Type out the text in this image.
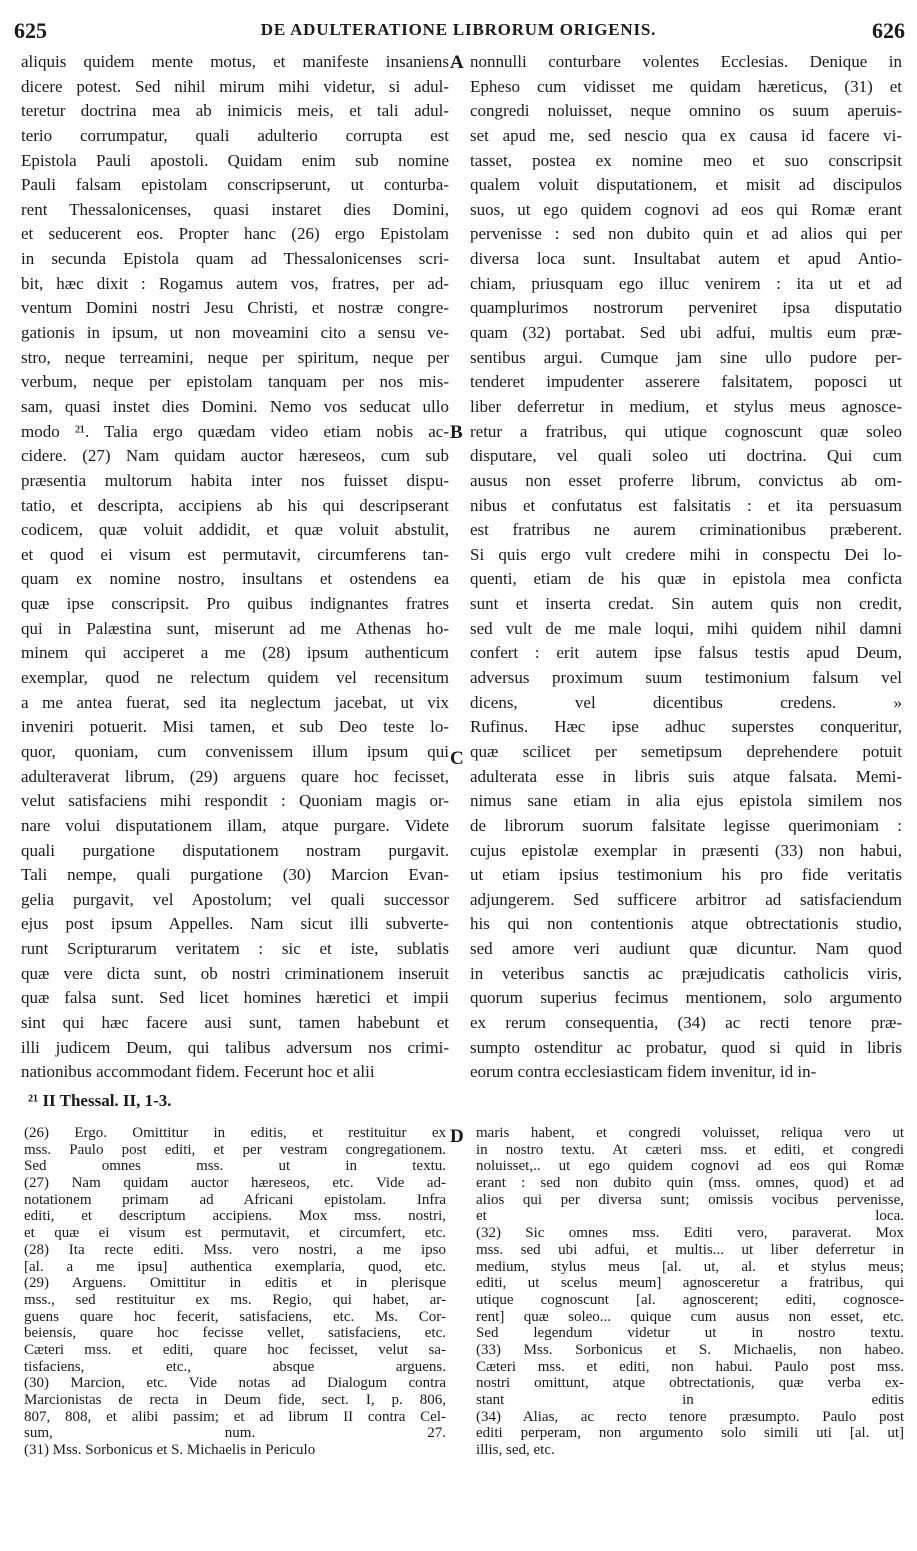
625	DE ADULTERATIONE LIBRORUM ORIGENIS.	626
aliquis quidem mente motus, et manifeste insaniens
dicere potest. Sed nihil mirum mihi videtur, si adul-
teretur doctrina mea ab inimicis meis, et tali adul-
terio corrumpatur, quali adulterio corrupta est
Epistola Pauli apostoli. Quidam enim sub nomine
Pauli falsam epistolam conscripserunt, ut conturba-
rent Thessalonicenses, quasi instaret dies Domini,
et seducerent eos. Propter hanc (26) ergo Epistolam
in secunda Epistola quam ad Thessalonicenses scri-
bit, hæc dixit : Rogamus autem vos, fratres, per ad-
ventum Domini nostri Jesu Christi, et nostræ congre-
gationis in ipsum, ut non moveamini cito a sensu ve-
stro, neque terreamini, neque per spiritum, neque per
verbum, neque per epistolam tanquam per nos mis-
sam, quasi instet dies Domini. Nemo vos seducat ullo
modo ²¹. Talia ergo quædam video etiam nobis ac-
cidere. (27) Nam quidam auctor hæreseos, cum sub
præsentia multorum habita inter nos fuisset dispu-
tatio, et descripta, accipiens ab his qui descripserant
codicem, quæ voluit addidit, et quæ voluit abstulit,
et quod ei visum est permutavit, circumferens tan-
quam ex nomine nostro, insultans et ostendens ea
quæ ipse conscripsit. Pro quibus indignantes fratres
qui in Palæstina sunt, miserunt ad me Athenas ho-
minem qui acciperet a me (28) ipsum authenticum
exemplar, quod ne relectum quidem vel recensitum
a me antea fuerat, sed ita neglectum jacebat, ut vix
inveniri potuerit. Misi tamen, et sub Deo teste lo-
quor, quoniam, cum convenissem illum ipsum qui
adulteraverat librum, (29) arguens quare hoc fecisset,
velut satisfaciens mihi respondit : Quoniam magis or-
nare volui disputationem illam, atque purgare. Videte
quali purgatione disputationem nostram purgavit.
Tali nempe, quali purgatione (30) Marcion Evan-
gelia purgavit, vel Apostolum; vel quali successor
ejus post ipsum Appelles. Nam sicut illi subverte-
runt Scripturarum veritatem : sic et iste, sublatis
quæ vere dicta sunt, ob nostri criminationem inseruit
quæ falsa sunt. Sed licet homines hæretici et impii
sint qui hæc facere ausi sunt, tamen habebunt et
illi judicem Deum, qui talibus adversum nos crimi-
nationibus accommodant fidem. Fecerunt hoc et alii
nonnulli conturbare volentes Ecclesias. Denique in
Epheso cum vidisset me quidam hæreticus, (31) et
congredi noluisset, neque omnino os suum aperuis-
set apud me, sed nescio qua ex causa id facere vi-
tasset, postea ex nomine meo et suo conscripsit
qualem voluit disputationem, et misit ad discipulos
suos, ut ego quidem cognovi ad eos qui Romæ erant
pervenisse : sed non dubito quin et ad alios qui per
diversa loca sunt. Insultabat autem et apud Antio-
chiam, priusquam ego illuc venirem : ita ut et ad
quamplurimos nostrorum perveniret ipsa disputatio
quam (32) portabat. Sed ubi adfui, multis eum præ-
sentibus argui. Cumque jam sine ullo pudore per-
tenderet impudenter asserere falsitatem, poposci ut
liber deferretur in medium, et stylus meus agnosce-
retur a fratribus, qui utique cognoscunt quæ soleo
disputare, vel quali soleo uti doctrina. Qui cum
ausus non esset proferre librum, convictus ab om-
nibus et confutatus est falsitatis : et ita persuasum
est fratribus ne aurem criminationibus præberent.
Si quis ergo vult credere mihi in conspectu Dei lo-
quenti, etiam de his quæ in epistola mea conficta
sunt et inserta credat. Sin autem quis non credit,
sed vult de me male loqui, mihi quidem nihil damni
confert : erit autem ipse falsus testis apud Deum,
adversus proximum suum testimonium falsum vel
dicens, vel dicentibus credens. »
Rufinus. Hæc ipse adhuc superstes conqueritur,
quæ scilicet per semetipsum deprehendere potuit
adulterata esse in libris suis atque falsata. Memi-
nimus sane etiam in alia ejus epistola similem nos
de librorum suorum falsitate legisse querimoniam :
cujus epistolæ exemplar in præsenti (33) non habui,
ut etiam ipsius testimonium his pro fide veritatis
adjungerem. Sed sufficere arbitror ad satisfaciendum
his qui non contentionis atque obtrectationis studio,
sed amore veri audiunt quæ dicuntur. Nam quod
in veteribus sanctis ac præjudicatis catholicis viris,
quorum superius fecimus mentionem, solo argumento
ex rerum consequentia, (34) ac recti tenore præ-
sumpto ostenditur ac probatur, quod si quid in libris
eorum contra ecclesiasticam fidem invenitur, id in-
A
B
C
D
²¹ II Thessal. II, 1-3.
(26) Ergo. Omittitur in editis, et restituitur ex
mss. Paulo post editi, et per vestram congregationem.
Sed omnes mss. ut in textu.
(27) Nam quidam auctor hæreseos, etc. Vide ad-
notationem primam ad Africani epistolam. Infra
editi, et descriptum accipiens. Mox mss. nostri,
et quæ ei visum est permutavit, et circumfert, etc.
(28) Ita recte editi. Mss. vero nostri, a me ipso
[al. a me ipsu] authentica exemplaria, quod, etc.
(29) Arguens. Omittitur in editis et in plerisque
mss., sed restituitur ex ms. Regio, qui habet, ar-
guens quare hoc fecerit, satisfaciens, etc. Ms. Cor-
beiensis, quare hoc fecisse vellet, satisfaciens, etc.
Cæteri mss. et editi, quare hoc fecisset, velut sa-
tisfaciens, etc., absque arguens.
(30) Marcion, etc. Vide notas ad Dialogum contra
Marcionistas de recta in Deum fide, sect. I, p. 806,
807, 808, et alibi passim; et ad librum II contra Cel-
sum, num. 27.
(31) Mss. Sorbonicus et S. Michaelis in Periculo
maris habent, et congredi voluisset, reliqua vero ut
in nostro textu. At cæteri mss. et editi, et congredi
noluisset,.. ut ego quidem cognovi ad eos qui Romæ
erant : sed non dubito quin (mss. omnes, quod) et ad
alios qui per diversa sunt; omissis vocibus pervenisse,
et loca.
(32) Sic omnes mss. Editi vero, paraverat. Mox
mss. sed ubi adfui, et multis... ut liber deferretur in
medium, stylus meus [al. ut, al. et stylus meus;
editi, ut scelus meum] agnosceretur a fratribus, qui
utique cognoscunt [al. agnoscerent; editi, cognosce-
rent] quæ soleo... quique cum ausus non esset, etc.
Sed legendum videtur ut in nostro textu.
(33) Mss. Sorbonicus et S. Michaelis, non habeo.
Cæteri mss. et editi, non habui. Paulo post mss.
nostri omittunt, atque obtrectationis, quæ verba ex-
stant in editis
(34) Alias, ac recto tenore præsumpto. Paulo post
editi perperam, non argumento solo simili uti [al. ut]
illis, sed, etc.
